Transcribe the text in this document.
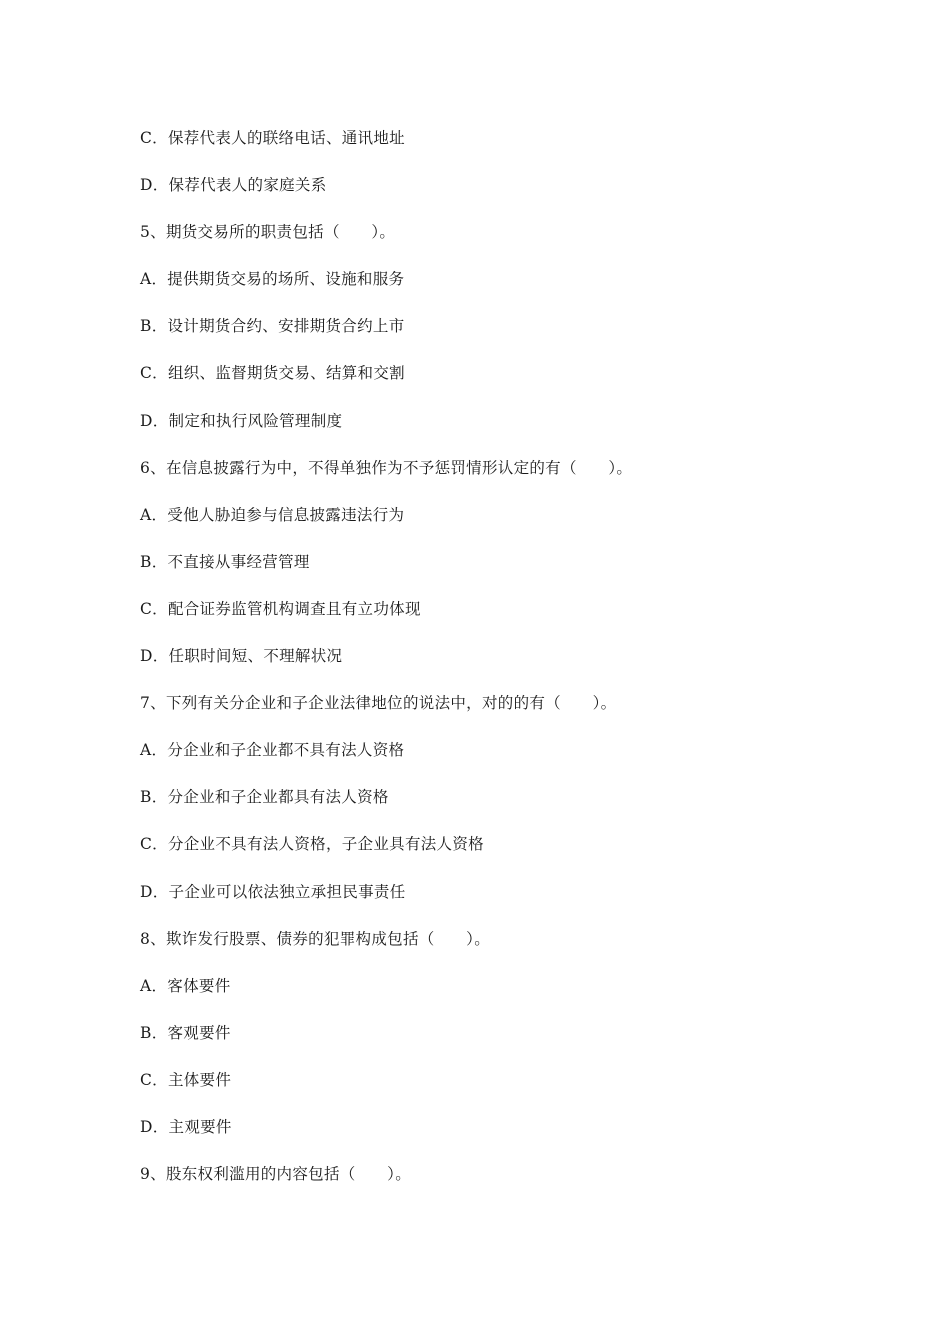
C．保荐代表人的联络电话、通讯地址
D．保荐代表人的家庭关系
5、期货交易所的职责包括（　　）。
A．提供期货交易的场所、设施和服务
B．设计期货合约、安排期货合约上市
C．组织、监督期货交易、结算和交割
D．制定和执行风险管理制度
6、在信息披露行为中，不得单独作为不予惩罚情形认定的有（　　）。
A．受他人胁迫参与信息披露违法行为
B．不直接从事经营管理
C．配合证券监管机构调查且有立功体现
D．任职时间短、不理解状况
7、下列有关分企业和子企业法律地位的说法中，对的的有（　　）。
A．分企业和子企业都不具有法人资格
B．分企业和子企业都具有法人资格
C．分企业不具有法人资格，子企业具有法人资格
D．子企业可以依法独立承担民事责任
8、欺诈发行股票、债券的犯罪构成包括（　　）。
A．客体要件
B．客观要件
C．主体要件
D．主观要件
9、股东权利滥用的内容包括（　　）。
